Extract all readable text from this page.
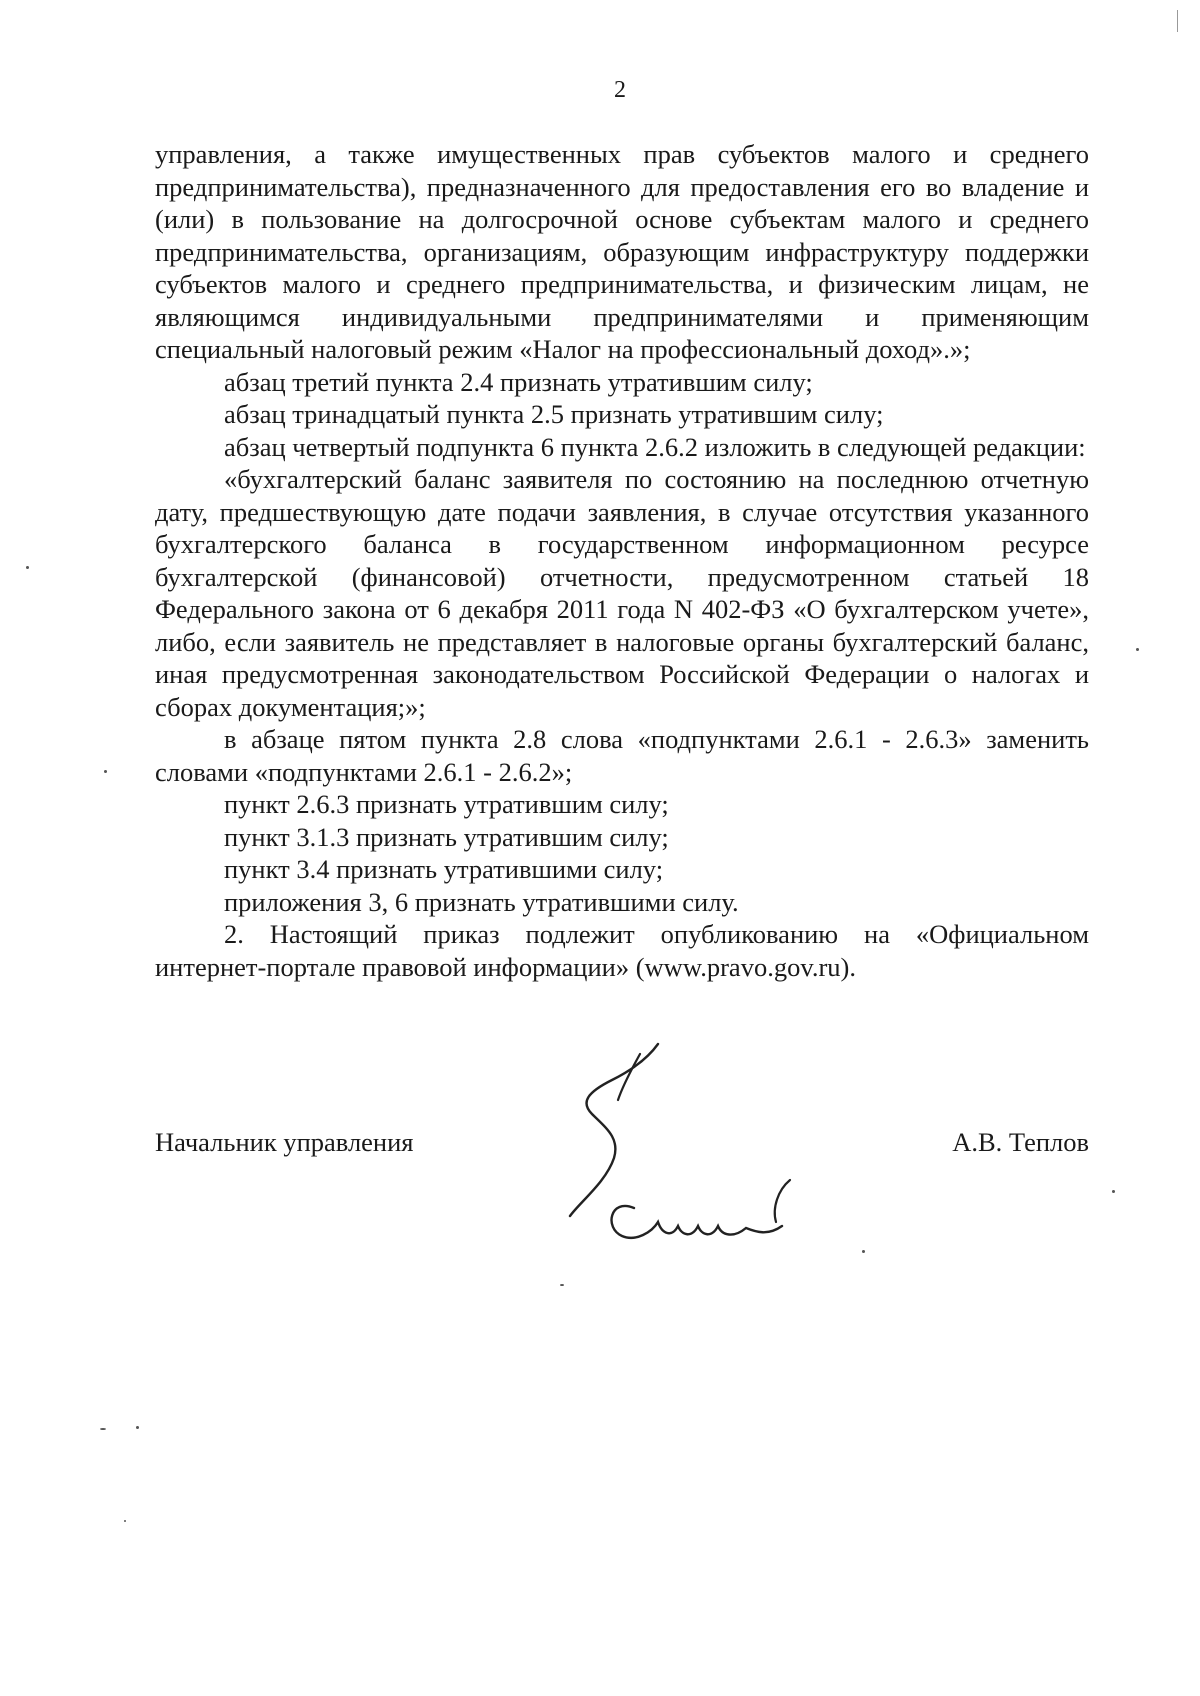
2

управления, а также имущественных прав субъектов малого и среднего предпринимательства), предназначенного для предоставления его во владение и (или) в пользование на долгосрочной основе субъектам малого и среднего предпринимательства, организациям, образующим инфраструктуру поддержки субъектов малого и среднего предпринимательства, и физическим лицам, не являющимся индивидуальными предпринимателями и применяющим специальный налоговый режим «Налог на профессиональный доход».»;

абзац третий пункта 2.4 признать утратившим силу;

абзац тринадцатый пункта 2.5 признать утратившим силу;

абзац четвертый подпункта 6 пункта 2.6.2 изложить в следующей редакции:

«бухгалтерский баланс заявителя по состоянию на последнюю отчетную дату, предшествующую дате подачи заявления, в случае отсутствия указанного бухгалтерского баланса в государственном информационном ресурсе бухгалтерской (финансовой) отчетности, предусмотренном статьей 18 Федерального закона от 6 декабря 2011 года N 402-ФЗ «О бухгалтерском учете», либо, если заявитель не представляет в налоговые органы бухгалтерский баланс, иная предусмотренная законодательством Российской Федерации о налогах и сборах документация;»;

в абзаце пятом пункта 2.8 слова «подпунктами 2.6.1 - 2.6.3» заменить словами «подпунктами 2.6.1 - 2.6.2»;

пункт 2.6.3 признать утратившим силу;

пункт 3.1.3 признать утратившим силу;

пункт 3.4 признать утратившими силу;

приложения 3, 6 признать утратившими силу.

2. Настоящий приказ подлежит опубликованию на «Официальном интернет-портале правовой информации» (www.pravo.gov.ru).

Начальник управления	А.В. Теплов
